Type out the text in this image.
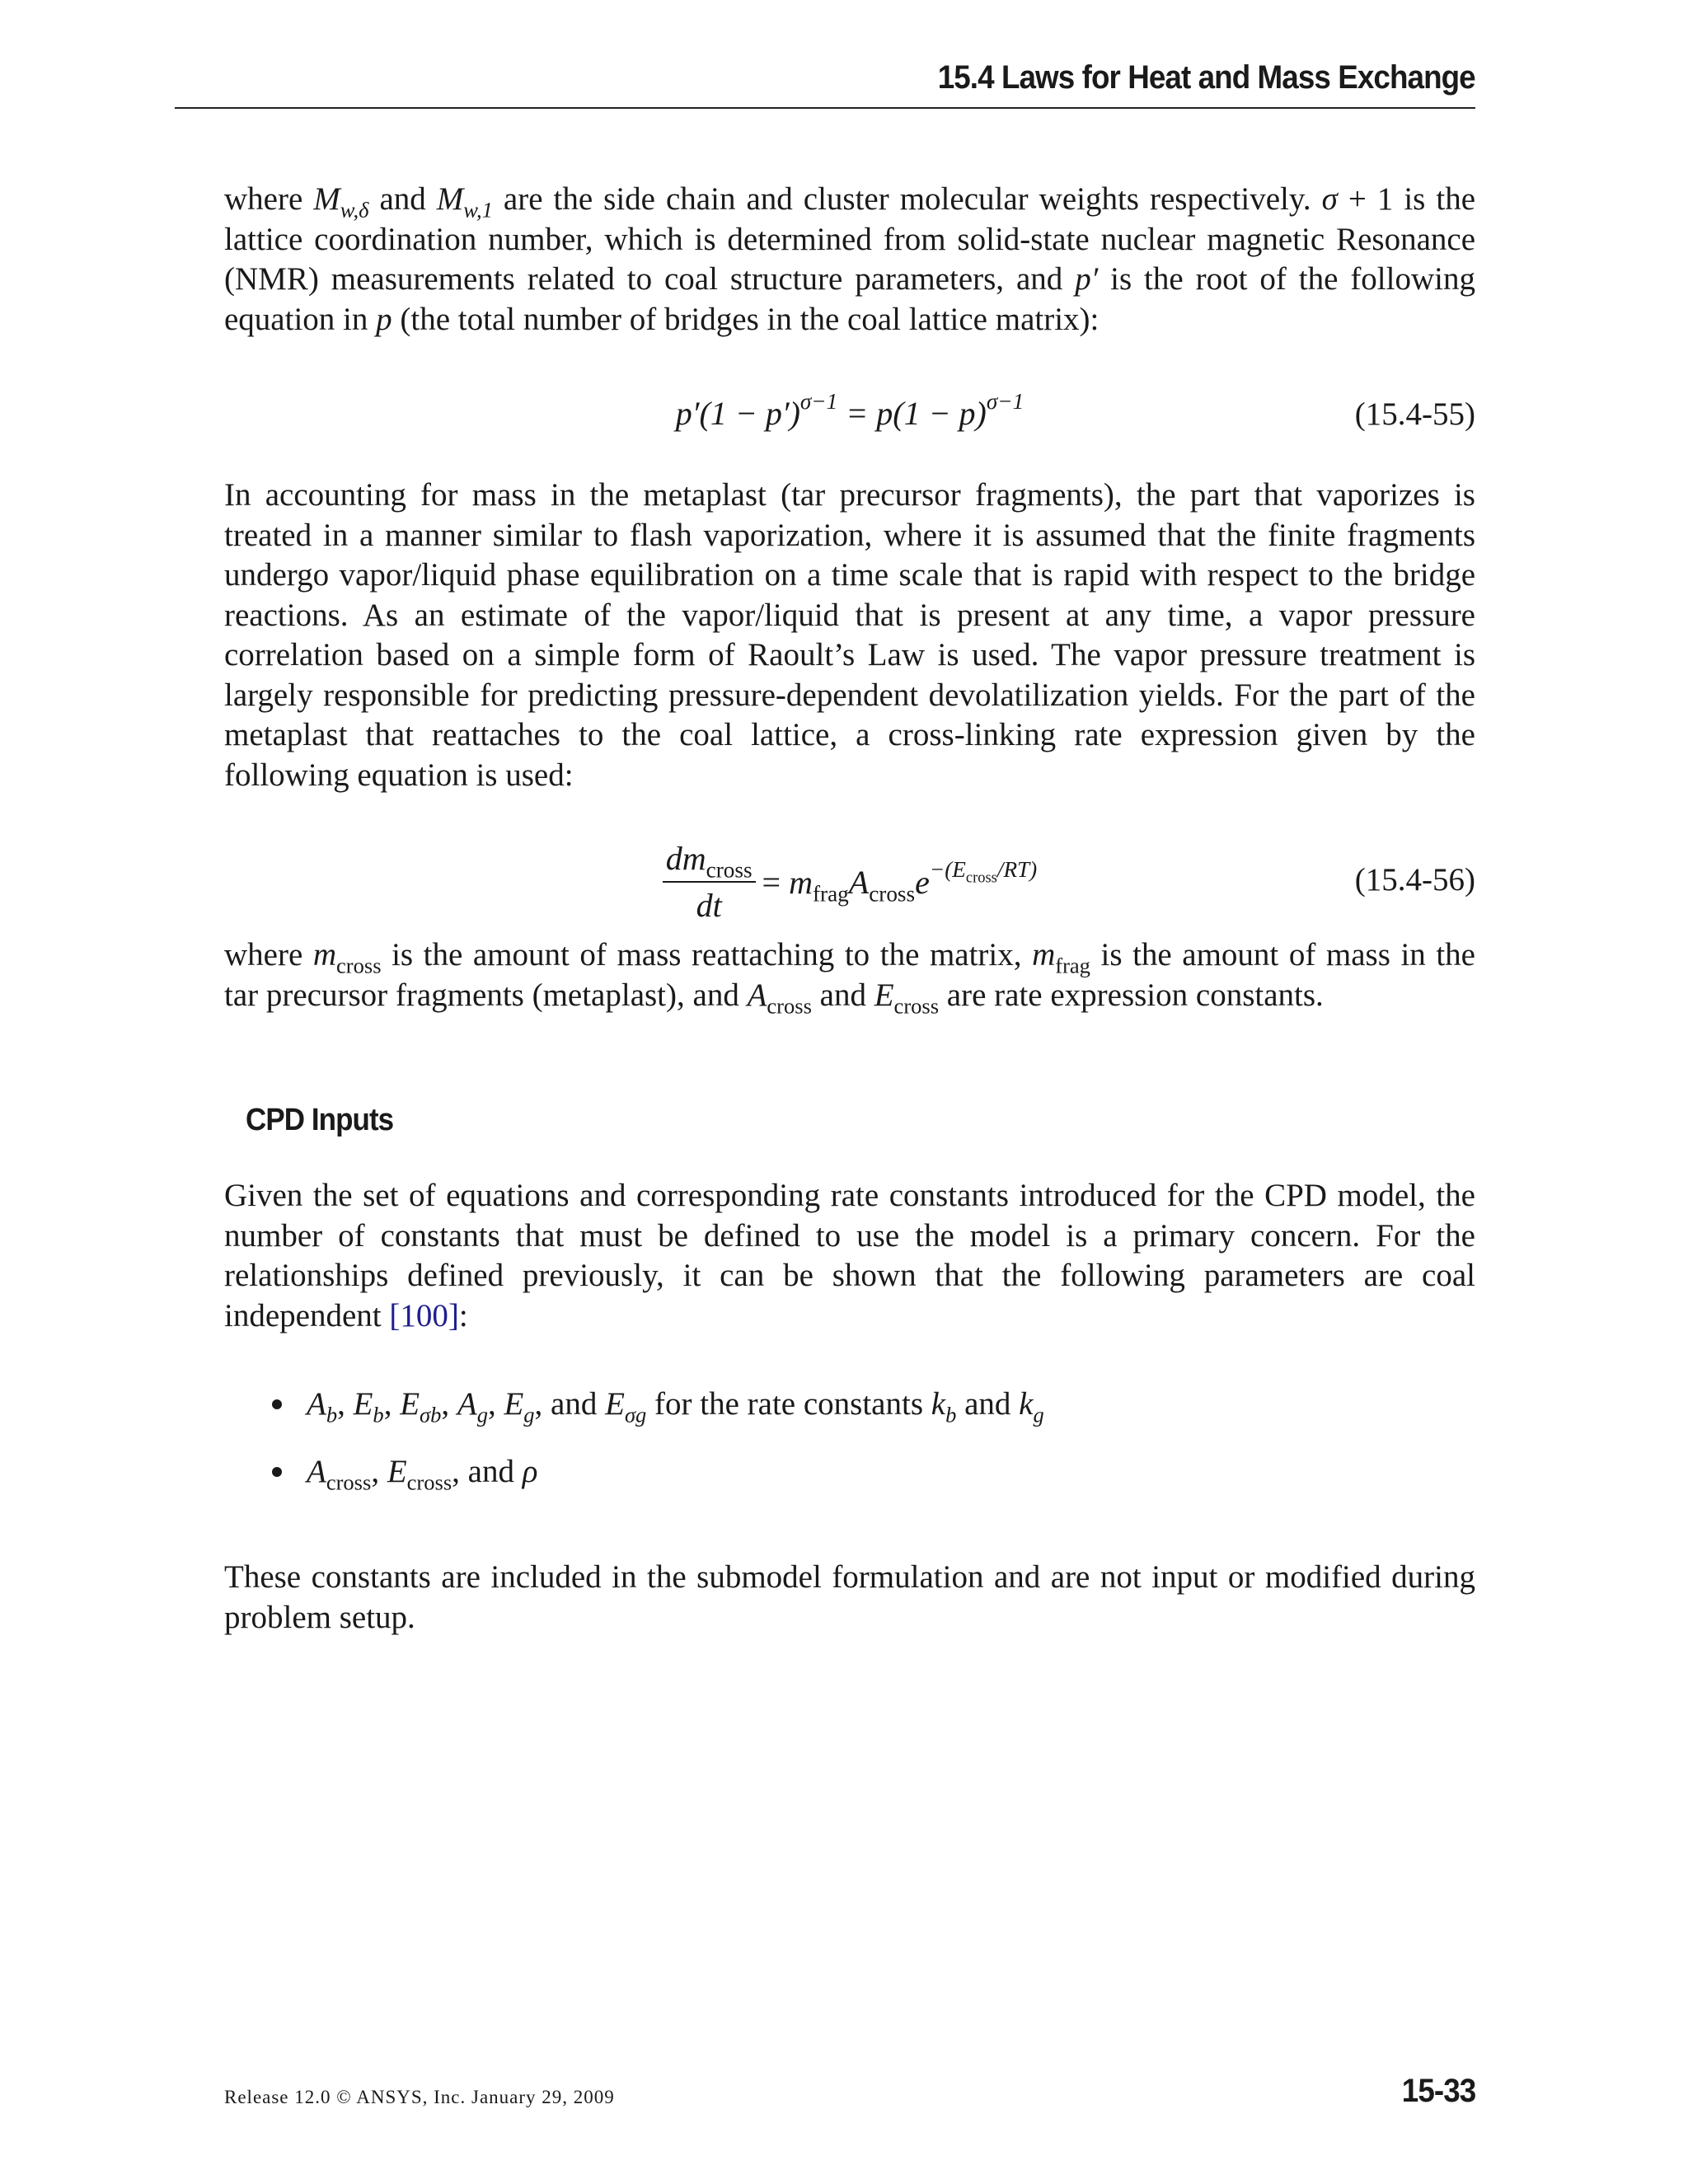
15.4 Laws for Heat and Mass Exchange
where $M_{w,\delta}$ and $M_{w,1}$ are the side chain and cluster molecular weights respectively. σ + 1 is the lattice coordination number, which is determined from solid-state nuclear magnetic Resonance (NMR) measurements related to coal structure parameters, and p′ is the root of the following equation in p (the total number of bridges in the coal lattice matrix):
$p'(1 - p')^{\sigma-1} = p(1 - p)^{\sigma-1}$	(15.4-55)
In accounting for mass in the metaplast (tar precursor fragments), the part that vaporizes is treated in a manner similar to flash vaporization, where it is assumed that the finite fragments undergo vapor/liquid phase equilibration on a time scale that is rapid with respect to the bridge reactions. As an estimate of the vapor/liquid that is present at any time, a vapor pressure correlation based on a simple form of Raoult’s Law is used. The vapor pressure treatment is largely responsible for predicting pressure-dependent devolatilization yields. For the part of the metaplast that reattaches to the coal lattice, a cross-linking rate expression given by the following equation is used:
$\frac{dm_{cross}}{dt} = m_{frag}A_{cross}e^{-(E_{cross}/RT)}$	(15.4-56)
where $m_{cross}$ is the amount of mass reattaching to the matrix, $m_{frag}$ is the amount of mass in the tar precursor fragments (metaplast), and $A_{cross}$ and $E_{cross}$ are rate expression constants.
CPD Inputs
Given the set of equations and corresponding rate constants introduced for the CPD model, the number of constants that must be defined to use the model is a primary concern. For the relationships defined previously, it can be shown that the following parameters are coal independent [100]:
$A_b$, $E_b$, $E_{\sigma b}$, $A_g$, $E_g$, and $E_{\sigma g}$ for the rate constants $k_b$ and $k_g$
$A_{cross}$, $E_{cross}$, and ρ
These constants are included in the submodel formulation and are not input or modified during problem setup.
Release 12.0 © ANSYS, Inc. January 29, 2009	15-33
